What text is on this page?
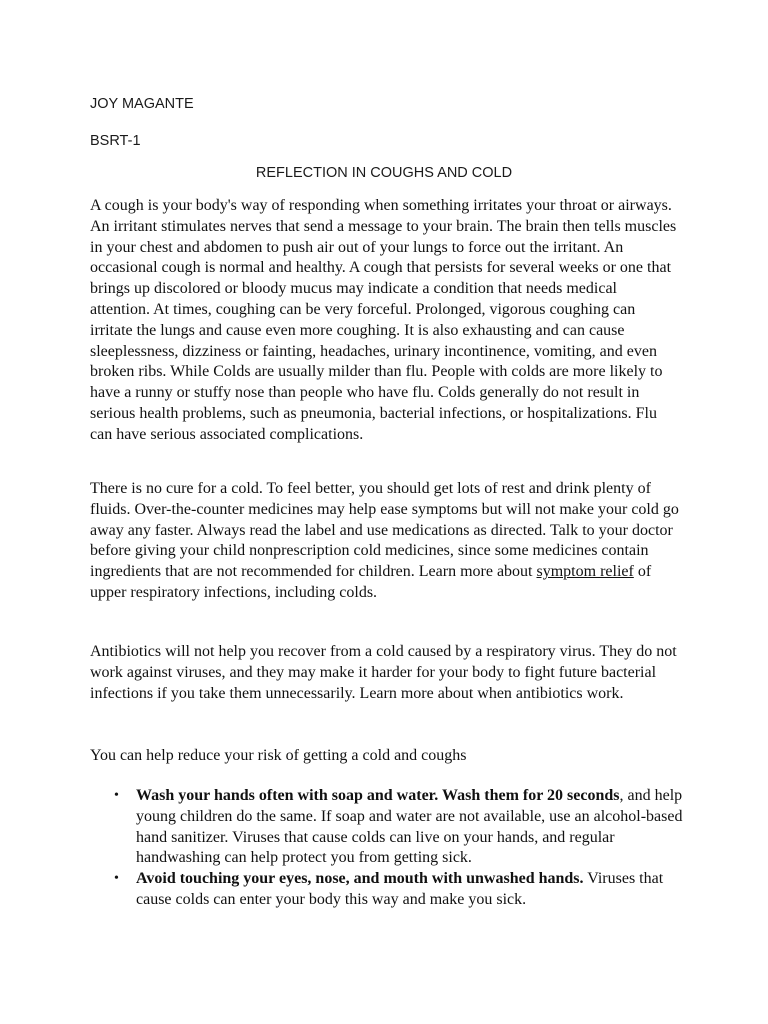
JOY MAGANTE
BSRT-1
REFLECTION IN COUGHS AND COLD
A cough is your body's way of responding when something irritates your throat or airways. An irritant stimulates nerves that send a message to your brain. The brain then tells muscles in your chest and abdomen to push air out of your lungs to force out the irritant. An occasional cough is normal and healthy. A cough that persists for several weeks or one that brings up discolored or bloody mucus may indicate a condition that needs medical attention. At times, coughing can be very forceful. Prolonged, vigorous coughing can irritate the lungs and cause even more coughing. It is also exhausting and can cause sleeplessness, dizziness or fainting, headaches, urinary incontinence, vomiting, and even broken ribs. While Colds are usually milder than flu. People with colds are more likely to have a runny or stuffy nose than people who have flu. Colds generally do not result in serious health problems, such as pneumonia, bacterial infections, or hospitalizations. Flu can have serious associated complications.
There is no cure for a cold. To feel better, you should get lots of rest and drink plenty of fluids. Over-the-counter medicines may help ease symptoms but will not make your cold go away any faster. Always read the label and use medications as directed. Talk to your doctor before giving your child nonprescription cold medicines, since some medicines contain ingredients that are not recommended for children. Learn more about symptom relief of upper respiratory infections, including colds.
Antibiotics will not help you recover from a cold caused by a respiratory virus. They do not work against viruses, and they may make it harder for your body to fight future bacterial infections if you take them unnecessarily. Learn more about when antibiotics work.
You can help reduce your risk of getting a cold and coughs
• Wash your hands often with soap and water. Wash them for 20 seconds, and help young children do the same. If soap and water are not available, use an alcohol-based hand sanitizer. Viruses that cause colds can live on your hands, and regular handwashing can help protect you from getting sick.
• Avoid touching your eyes, nose, and mouth with unwashed hands. Viruses that cause colds can enter your body this way and make you sick.
